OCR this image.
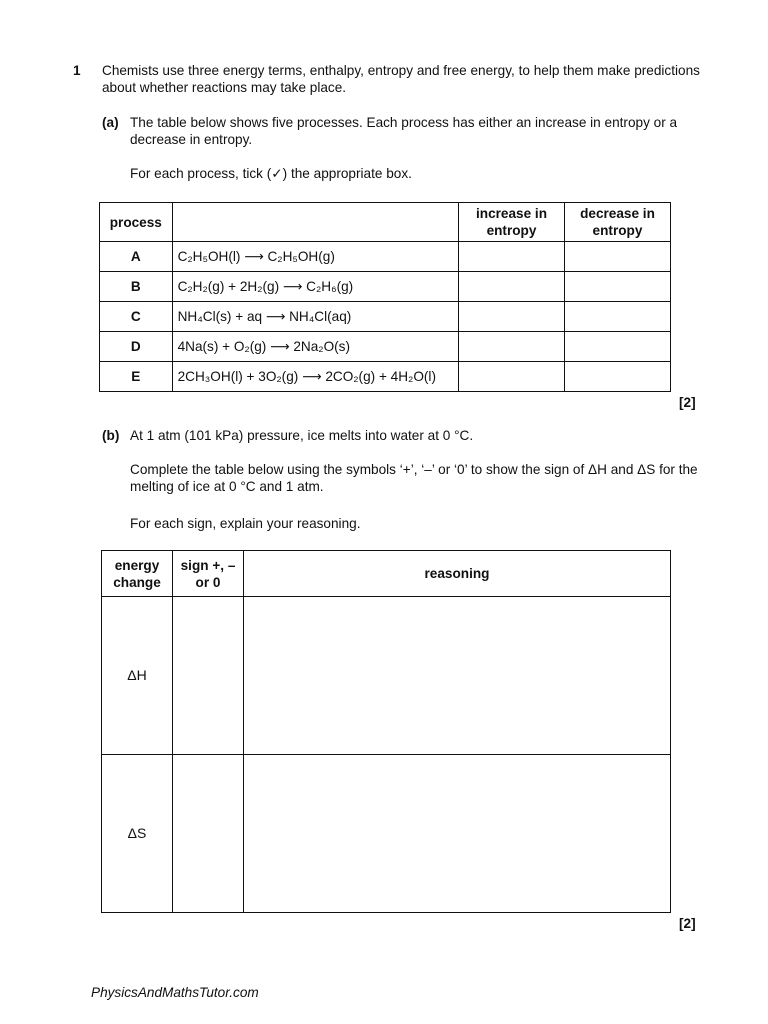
1 Chemists use three energy terms, enthalpy, entropy and free energy, to help them make predictions about whether reactions may take place.
(a) The table below shows five processes. Each process has either an increase in entropy or a decrease in entropy.
For each process, tick (✓) the appropriate box.
process		increase in entropy	decrease in entropy
A	C₂H₅OH(l) ⟶ C₂H₅OH(g)		
B	C₂H₂(g) + 2H₂(g) ⟶ C₂H₆(g)		
C	NH₄Cl(s) + aq ⟶ NH₄Cl(aq)		
D	4Na(s) + O₂(g) ⟶ 2Na₂O(s)		
E	2CH₃OH(l) + 3O₂(g) ⟶ 2CO₂(g) + 4H₂O(l)		
[2]
(b) At 1 atm (101 kPa) pressure, ice melts into water at 0 °C.
Complete the table below using the symbols ‘+’, ‘–’ or ‘0’ to show the sign of ΔH and ΔS for the melting of ice at 0 °C and 1 atm.
For each sign, explain your reasoning.
energy change	sign +, – or 0	reasoning
ΔH		
ΔS		
[2]
PhysicsAndMathsTutor.com
